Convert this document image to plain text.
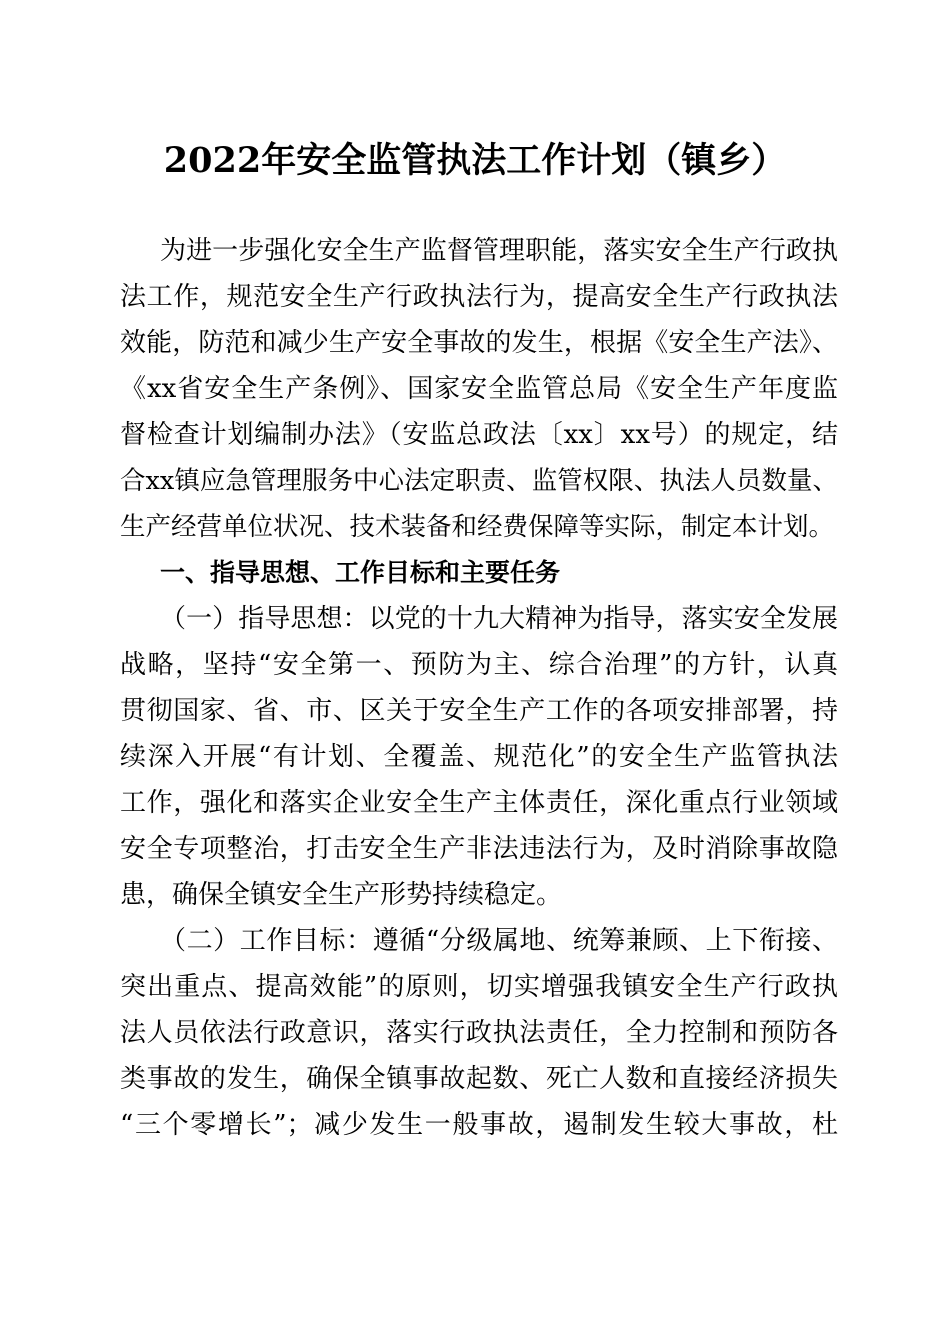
2022年安全监管执法工作计划（镇乡）
为进一步强化安全生产监督管理职能，落实安全生产行政执
法工作，规范安全生产行政执法行为，提高安全生产行政执法
效能，防范和减少生产安全事故的发生，根据《安全生产法》、
《xx省安全生产条例》、国家安全监管总局《安全生产年度监
督检查计划编制办法》（安监总政法〔xx〕xx号）的规定，结
合xx镇应急管理服务中心法定职责、监管权限、执法人员数量、
生产经营单位状况、技术装备和经费保障等实际，制定本计划。
一、指导思想、工作目标和主要任务
（一）指导思想：以党的十九大精神为指导，落实安全发展
战略，坚持“安全第一、预防为主、综合治理”的方针，认真
贯彻国家、省、市、区关于安全生产工作的各项安排部署，持
续深入开展“有计划、全覆盖、规范化”的安全生产监管执法
工作，强化和落实企业安全生产主体责任，深化重点行业领域
安全专项整治，打击安全生产非法违法行为，及时消除事故隐
患，确保全镇安全生产形势持续稳定。
（二）工作目标：遵循“分级属地、统筹兼顾、上下衔接、
突出重点、提高效能”的原则，切实增强我镇安全生产行政执
法人员依法行政意识，落实行政执法责任，全力控制和预防各
类事故的发生，确保全镇事故起数、死亡人数和直接经济损失
“三个零增长”；减少发生一般事故，遏制发生较大事故，杜
